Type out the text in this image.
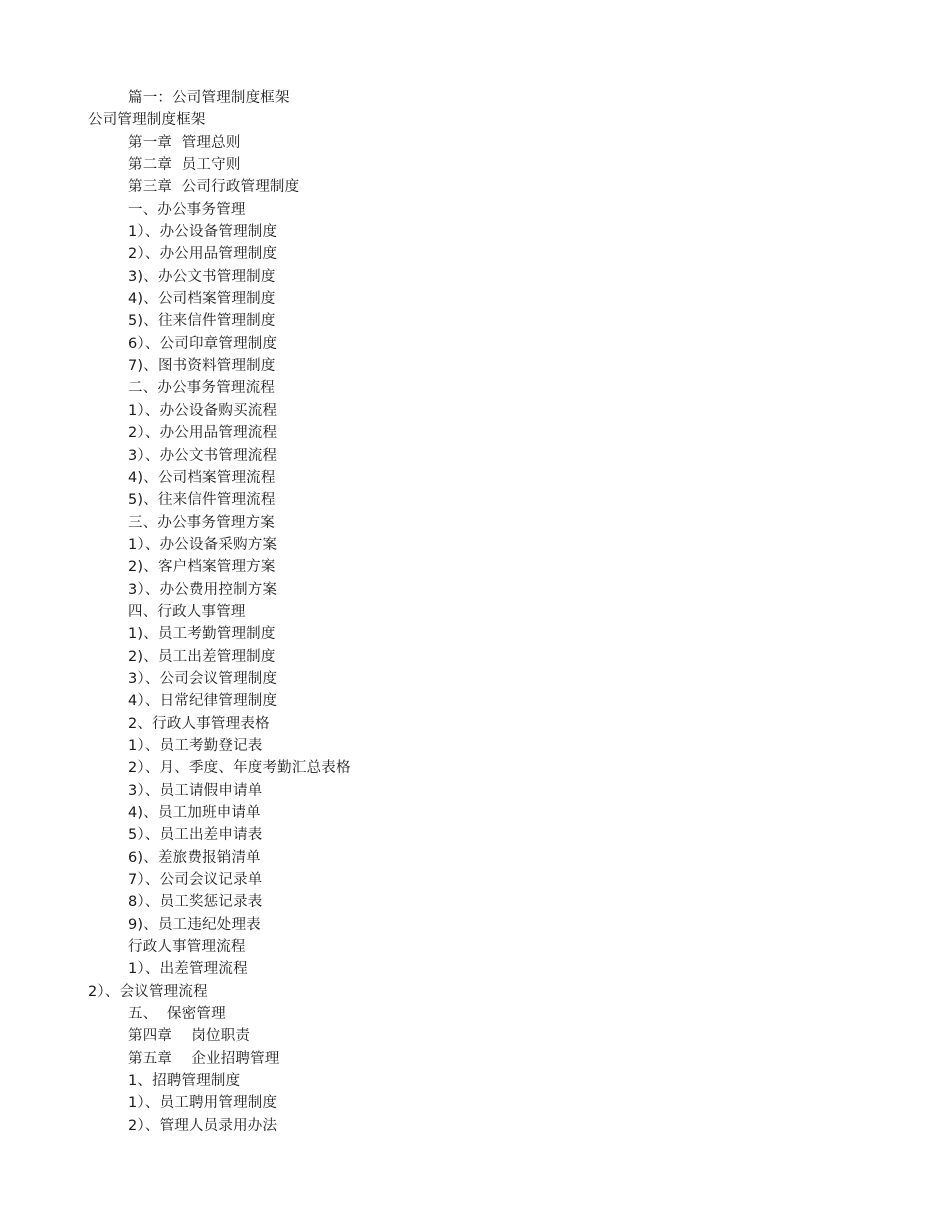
篇一：公司管理制度框架
公司管理制度框架
第一章  管理总则
第二章  员工守则
第三章  公司行政管理制度
一、办公事务管理
1）、办公设备管理制度
2）、办公用品管理制度
3)、办公文书管理制度
4)、公司档案管理制度
5)、往来信件管理制度
6）、公司印章管理制度
7)、图书资料管理制度
二、办公事务管理流程
1）、办公设备购买流程
2）、办公用品管理流程
3）、办公文书管理流程
4)、公司档案管理流程
5)、往来信件管理流程
三、办公事务管理方案
1）、办公设备采购方案
2)、客户档案管理方案
3）、办公费用控制方案
四、行政人事管理
1)、员工考勤管理制度
2)、员工出差管理制度
3）、公司会议管理制度
4）、日常纪律管理制度
2、行政人事管理表格
1）、员工考勤登记表
2）、月、季度、年度考勤汇总表格
3）、员工请假申请单
4)、员工加班申请单
5）、员工出差申请表
6)、差旅费报销清单
7）、公司会议记录单
8）、员工奖惩记录表
9)、员工违纪处理表
行政人事管理流程
1）、出差管理流程
2）、会议管理流程
五、  保密管理
第四章    岗位职责
第五章    企业招聘管理
1、招聘管理制度
1）、员工聘用管理制度
2）、管理人员录用办法
